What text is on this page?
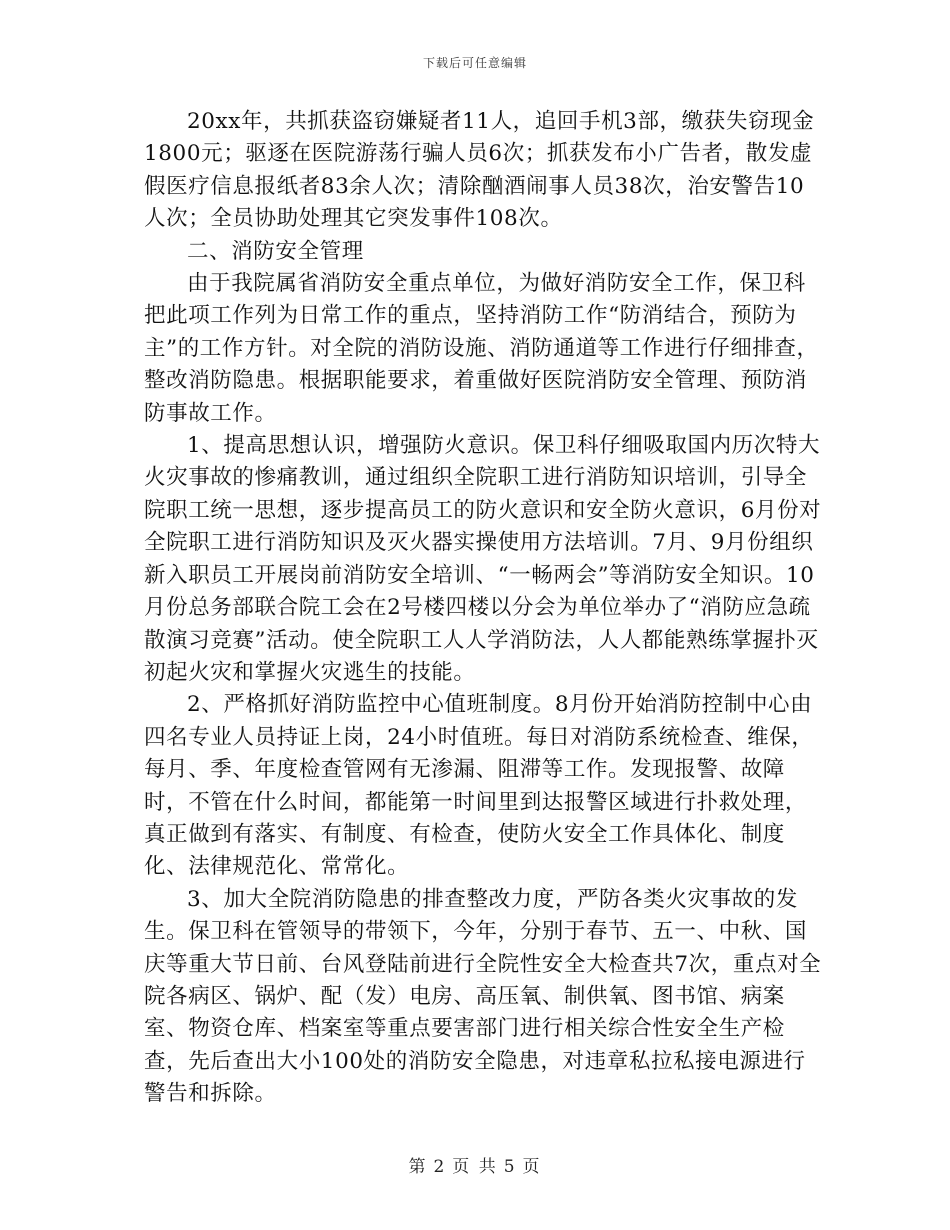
下载后可任意编辑

20xx年，共抓获盗窃嫌疑者11人，追回手机3部，缴获失窃现金1800元；驱逐在医院游荡行骗人员6次；抓获发布小广告者，散发虚假医疗信息报纸者83余人次；清除酗酒闹事人员38次，治安警告10人次；全员协助处理其它突发事件108次。

二、消防安全管理

由于我院属省消防安全重点单位，为做好消防安全工作，保卫科把此项工作列为日常工作的重点，坚持消防工作“防消结合，预防为主”的工作方针。对全院的消防设施、消防通道等工作进行仔细排查，整改消防隐患。根据职能要求，着重做好医院消防安全管理、预防消防事故工作。

1、提高思想认识，增强防火意识。保卫科仔细吸取国内历次特大火灾事故的惨痛教训，通过组织全院职工进行消防知识培训，引导全院职工统一思想，逐步提高员工的防火意识和安全防火意识，6月份对全院职工进行消防知识及灭火器实操使用方法培训。7月、9月份组织新入职员工开展岗前消防安全培训、“一畅两会”等消防安全知识。10月份总务部联合院工会在2号楼四楼以分会为单位举办了“消防应急疏散演习竞赛”活动。使全院职工人人学消防法，人人都能熟练掌握扑灭初起火灾和掌握火灾逃生的技能。

2、严格抓好消防监控中心值班制度。8月份开始消防控制中心由四名专业人员持证上岗，24小时值班。每日对消防系统检查、维保，每月、季、年度检查管网有无渗漏、阻滞等工作。发现报警、故障时，不管在什么时间，都能第一时间里到达报警区域进行扑救处理，真正做到有落实、有制度、有检查，使防火安全工作具体化、制度化、法律规范化、常常化。

3、加大全院消防隐患的排查整改力度，严防各类火灾事故的发生。保卫科在管领导的带领下，今年，分别于春节、五一、中秋、国庆等重大节日前、台风登陆前进行全院性安全大检查共7次，重点对全院各病区、锅炉、配（发）电房、高压氧、制供氧、图书馆、病案室、物资仓库、档案室等重点要害部门进行相关综合性安全生产检查，先后查出大小100处的消防安全隐患，对违章私拉私接电源进行警告和拆除。

第 2 页 共 5 页
